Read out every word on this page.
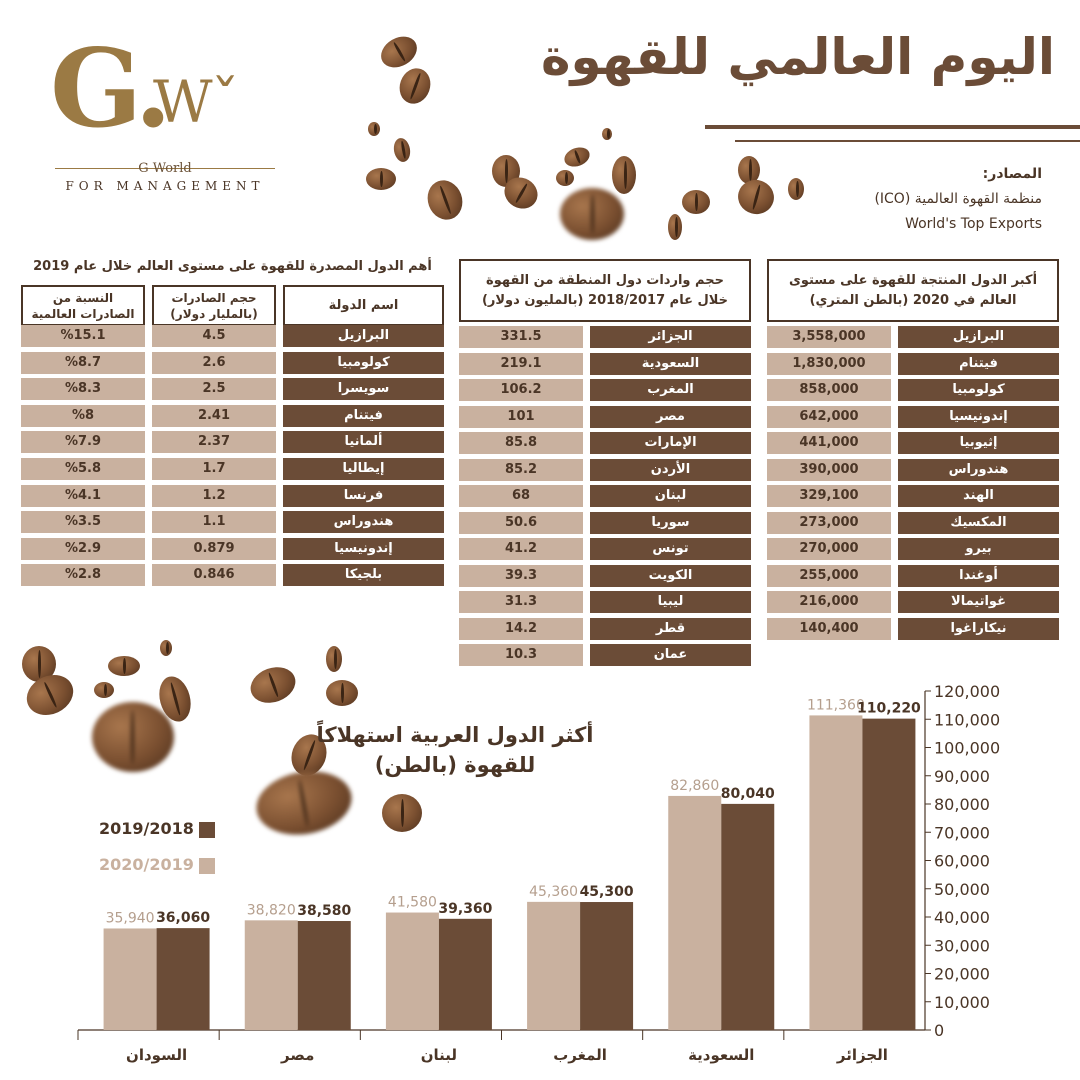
G.
Wˇ
G World
FOR MANAGEMENT
اليوم العالمي للقهوة
المصادر:
منظمة القهوة العالمية (ICO)
World's Top Exports
أكبر الدول المنتجة للقهوة على مستوى العالم في 2020 (بالطن المتري)
البرازيل
3,558,000
فيتنام
1,830,000
كولومبيا
858,000
إندونيسيا
642,000
إثيوبيا
441,000
هندوراس
390,000
الهند
329,100
المكسيك
273,000
بيرو
270,000
أوغندا
255,000
غواتيمالا
216,000
نيكاراغوا
140,400
حجم واردات دول المنطقة من القهوة خلال عام 2018/2017 (بالمليون دولار)
الجزائر
331.5
السعودية
219.1
المغرب
106.2
مصر
101
الإمارات
85.8
الأردن
85.2
لبنان
68
سوريا
50.6
تونس
41.2
الكويت
39.3
ليبيا
31.3
قطر
14.2
عمان
10.3
أهم الدول المصدرة للقهوة على مستوى العالم خلال عام 2019
اسم الدولة
حجم الصادرات (بالمليار دولار)
النسبة من الصادرات العالمية
البرازيل
4.5
%15.1
كولومبيا
2.6
%8.7
سويسرا
2.5
%8.3
فيتنام
2.41
%8
ألمانيا
2.37
%7.9
إيطاليا
1.7
%5.8
فرنسا
1.2
%4.1
هندوراس
1.1
%3.5
إندونيسيا
0.879
%2.9
بلجيكا
0.846
%2.8
0
10,000
20,000
30,000
40,000
50,000
60,000
70,000
80,000
90,000
100,000
110,000
120,000
111,360
110,220
الجزائر
82,860 80,040
السعودية
45,360 45,300
المغرب
41,580 39,360
لبنان
38,820 38,580
مصر
35,940 36,060
السودان
أكثر الدول العربية استهلاكاً للقهوة (بالطن)
2019/2018
2020/2019
